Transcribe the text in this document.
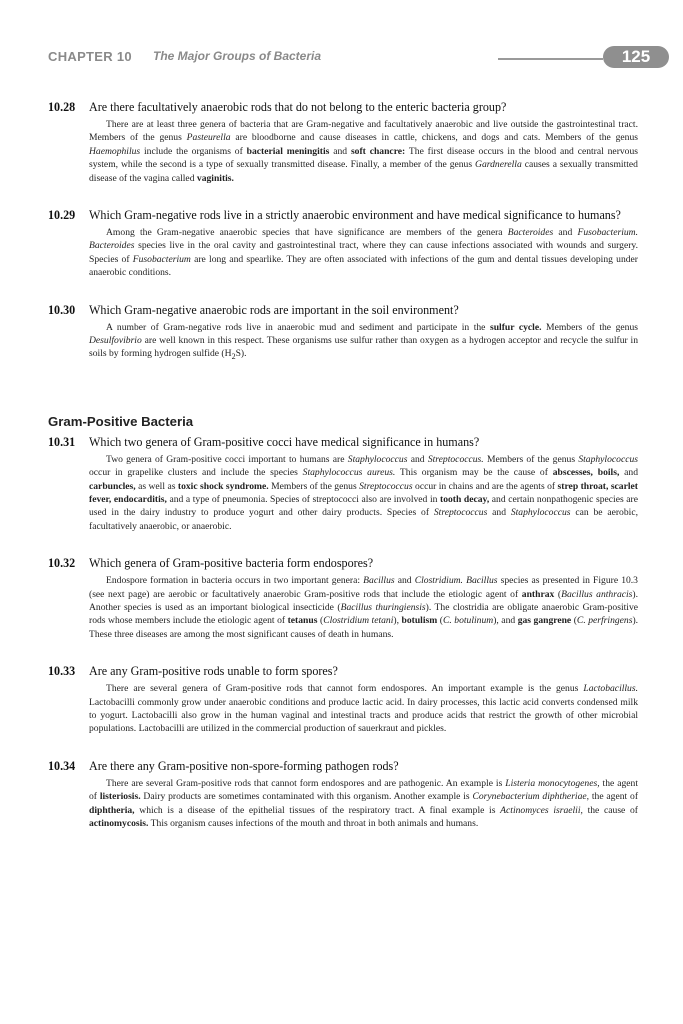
CHAPTER 10 The Major Groups of Bacteria	125
10.28 Are there facultatively anaerobic rods that do not belong to the enteric bacteria group?

There are at least three genera of bacteria that are Gram-negative and facultatively anaerobic and live outside the gastrointestinal tract. Members of the genus Pasteurella are bloodborne and cause diseases in cattle, chickens, and dogs and cats. Members of the genus Haemophilus include the organisms of bacterial meningitis and soft chancre: The first disease occurs in the blood and central nervous system, while the second is a type of sexually transmitted disease. Finally, a member of the genus Gardnerella causes a sexually transmitted disease of the vagina called vaginitis.

10.29 Which Gram-negative rods live in a strictly anaerobic environment and have medical significance to humans?

Among the Gram-negative anaerobic species that have significance are members of the genera Bacteroides and Fusobacterium. Bacteroides species live in the oral cavity and gastrointestinal tract, where they can cause infections associated with wounds and surgery. Species of Fusobacterium are long and spearlike. They are often associated with infections of the gum and dental tissues developing under anaerobic conditions.

10.30 Which Gram-negative anaerobic rods are important in the soil environment?

A number of Gram-negative rods live in anaerobic mud and sediment and participate in the sulfur cycle. Members of the genus Desulfovibrio are well known in this respect. These organisms use sulfur rather than oxygen as a hydrogen acceptor and recycle the sulfur in soils by forming hydrogen sulfide $(H_2S)$.

Gram-Positive Bacteria
10.31 Which two genera of Gram-positive cocci have medical significance in humans?

Two genera of Gram-positive cocci important to humans are Staphylococcus and Streptococcus. Members of the genus Staphylococcus occur in grapelike clusters and include the species Staphylococcus aureus. This organism may be the cause of abscesses, boils, and carbuncles, as well as toxic shock syndrome. Members of the genus Streptococcus occur in chains and are the agents of strep throat, scarlet fever, endocarditis, and a type of pneumonia. Species of streptococci also are involved in tooth decay, and certain nonpathogenic species are used in the dairy industry to produce yogurt and other dairy products. Species of Streptococcus and Staphylococcus can be aerobic, facultatively anaerobic, or anaerobic.

10.32 Which genera of Gram-positive bacteria form endospores?

Endospore formation in bacteria occurs in two important genera: Bacillus and Clostridium. Bacillus species as presented in Figure 10.3 (see next page) are aerobic or facultatively anaerobic Gram-positive rods that include the etiologic agent of anthrax (Bacillus anthracis). Another species is used as an important biological insecticide (Bacillus thuringiensis). The clostridia are obligate anaerobic Gram-positive rods whose members include the etiologic agent of tetanus (Clostridium tetani), botulism (C. botulinum), and gas gangrene (C. perfringens). These three diseases are among the most significant causes of death in humans.

10.33 Are any Gram-positive rods unable to form spores?

There are several genera of Gram-positive rods that cannot form endospores. An important example is the genus Lactobacillus. Lactobacilli commonly grow under anaerobic conditions and produce lactic acid. In dairy processes, this lactic acid converts condensed milk to yogurt. Lactobacilli also grow in the human vaginal and intestinal tracts and produce acids that restrict the growth of other microbial populations. Lactobacilli are utilized in the commercial production of sauerkraut and pickles.

10.34 Are there any Gram-positive non-spore-forming pathogen rods?

There are several Gram-positive rods that cannot form endospores and are pathogenic. An example is Listeria monocytogenes, the agent of listeriosis. Dairy products are sometimes contaminated with this organism. Another example is Corynebacterium diphtheriae, the agent of diphtheria, which is a disease of the epithelial tissues of the respiratory tract. A final example is Actinomyces israelii, the cause of actinomycosis. This organism causes infections of the mouth and throat in both animals and humans.
